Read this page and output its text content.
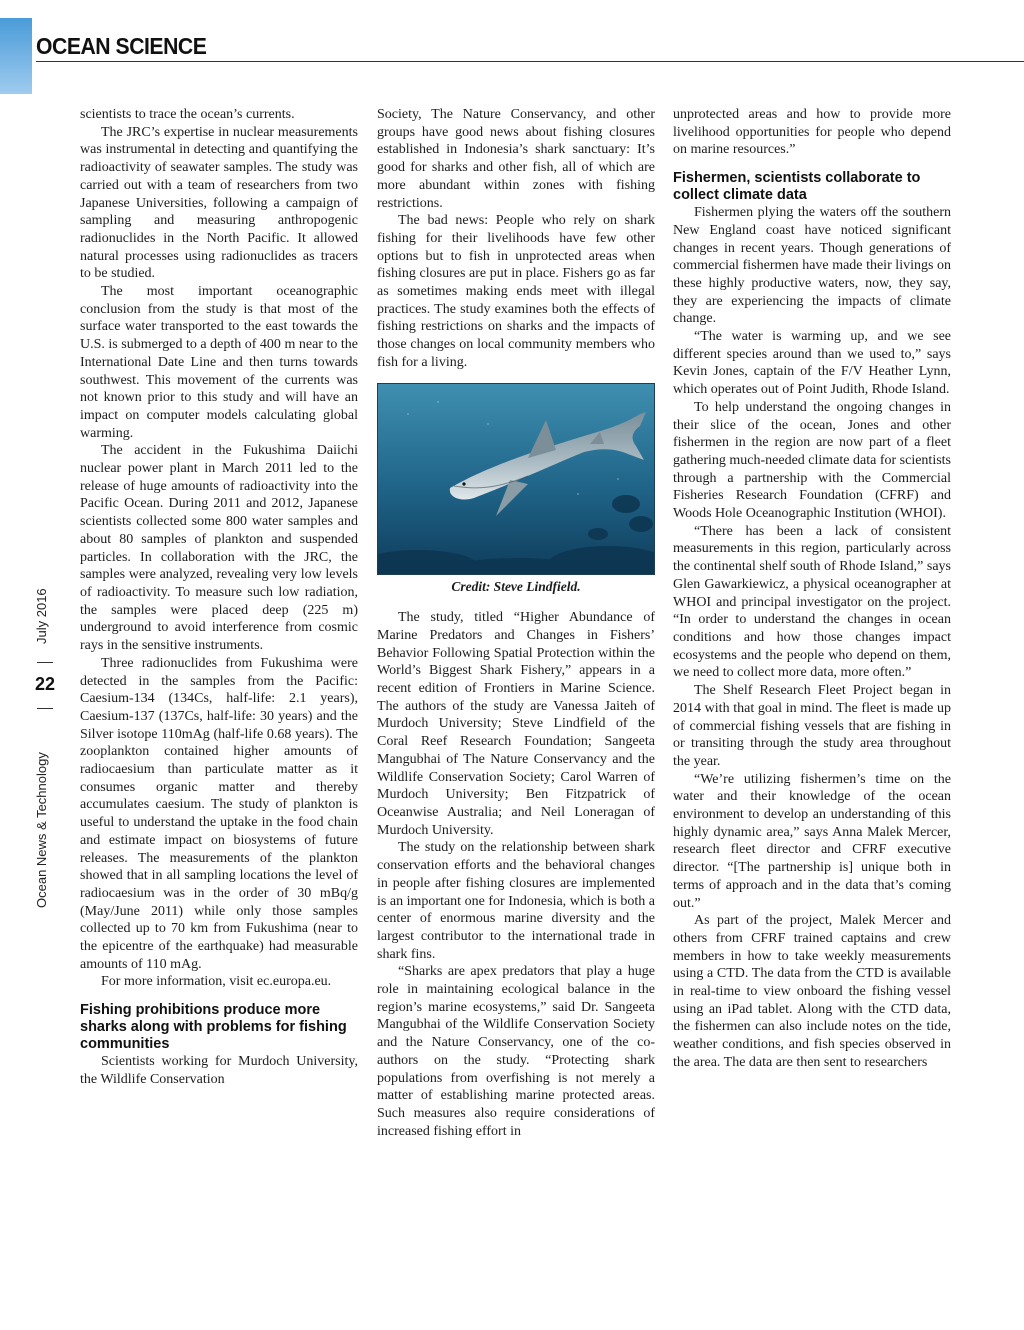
OCEAN SCIENCE
July 2016
22
Ocean News & Technology

scientists to trace the ocean’s currents.

The JRC’s expertise in nuclear measurements was instrumental in detecting and quantifying the radioactivity of seawater samples. The study was carried out with a team of researchers from two Japanese Universities, following a campaign of sampling and measuring anthropogenic radionuclides in the North Pacific. It allowed natural processes using radionuclides as tracers to be studied.

The most important oceanographic conclusion from the study is that most of the surface water transported to the east towards the U.S. is submerged to a depth of 400 m near to the International Date Line and then turns towards southwest. This movement of the currents was not known prior to this study and will have an impact on computer models calculating global warming.

The accident in the Fukushima Daiichi nuclear power plant in March 2011 led to the release of huge amounts of radioactivity into the Pacific Ocean. During 2011 and 2012, Japanese scientists collected some 800 water samples and about 80 samples of plankton and suspended particles. In collaboration with the JRC, the samples were analyzed, revealing very low levels of radioactivity. To measure such low radiation, the samples were placed deep (225 m) underground to avoid interference from cosmic rays in the sensitive instruments.

Three radionuclides from Fukushima were detected in the samples from the Pacific: Caesium-134 (134Cs, half-life: 2.1 years), Caesium-137 (137Cs, half-life: 30 years) and the Silver isotope 110mAg (half-life 0.68 years). The zooplankton contained higher amounts of radiocaesium than particulate matter as it consumes organic matter and thereby accumulates caesium. The study of plankton is useful to understand the uptake in the food chain and estimate impact on biosystems of future releases. The measurements of the plankton showed that in all sampling locations the level of radiocaesium was in the order of 30 mBq/g (May/June 2011) while only those samples collected up to 70 km from Fukushima (near to the epicentre of the earthquake) had measurable amounts of 110 mAg.

For more information, visit ec.europa.eu.

Fishing prohibitions produce more sharks along with problems for fishing communities

Scientists working for Murdoch University, the Wildlife Conservation

Society, The Nature Conservancy, and other groups have good news about fishing closures established in Indonesia’s shark sanctuary: It’s good for sharks and other fish, all of which are more abundant within zones with fishing restrictions.

The bad news: People who rely on shark fishing for their livelihoods have few other options but to fish in unprotected areas when fishing closures are put in place. Fishers go as far as sometimes making ends meet with illegal practices. The study examines both the effects of fishing restrictions on sharks and the impacts of those changes on local community members who fish for a living.

Credit: Steve Lindfield.

The study, titled “Higher Abundance of Marine Predators and Changes in Fishers’ Behavior Following Spatial Protection within the World’s Biggest Shark Fishery,” appears in a recent edition of Frontiers in Marine Science. The authors of the study are Vanessa Jaiteh of Murdoch University; Steve Lindfield of the Coral Reef Research Foundation; Sangeeta Mangubhai of The Nature Conservancy and the Wildlife Conservation Society; Carol Warren of Murdoch University; Ben Fitzpatrick of Oceanwise Australia; and Neil Loneragan of Murdoch University.

The study on the relationship between shark conservation efforts and the behavioral changes in people after fishing closures are implemented is an important one for Indonesia, which is both a center of enormous marine diversity and the largest contributor to the international trade in shark fins.

“Sharks are apex predators that play a huge role in maintaining ecological balance in the region’s marine ecosystems,” said Dr. Sangeeta Mangubhai of the Wildlife Conservation Society and the Nature Conservancy, one of the co-authors on the study. “Protecting shark populations from overfishing is not merely a matter of establishing marine protected areas. Such measures also require considerations of increased fishing effort in

unprotected areas and how to provide more livelihood opportunities for people who depend on marine resources.”

Fishermen, scientists collaborate to collect climate data

Fishermen plying the waters off the southern New England coast have noticed significant changes in recent years. Though generations of commercial fishermen have made their livings on these highly productive waters, now, they say, they are experiencing the impacts of climate change.

“The water is warming up, and we see different species around than we used to,” says Kevin Jones, captain of the F/V Heather Lynn, which operates out of Point Judith, Rhode Island.

To help understand the ongoing changes in their slice of the ocean, Jones and other fishermen in the region are now part of a fleet gathering much-needed climate data for scientists through a partnership with the Commercial Fisheries Research Foundation (CFRF) and Woods Hole Oceanographic Institution (WHOI).

“There has been a lack of consistent measurements in this region, particularly across the continental shelf south of Rhode Island,” says Glen Gawarkiewicz, a physical oceanographer at WHOI and principal investigator on the project. “In order to understand the changes in ocean conditions and how those changes impact ecosystems and the people who depend on them, we need to collect more data, more often.”

The Shelf Research Fleet Project began in 2014 with that goal in mind. The fleet is made up of commercial fishing vessels that are fishing in or transiting through the study area throughout the year.

“We’re utilizing fishermen’s time on the water and their knowledge of the ocean environment to develop an understanding of this highly dynamic area,” says Anna Malek Mercer, research fleet director and CFRF executive director. “[The partnership is] unique both in terms of approach and in the data that’s coming out.”

As part of the project, Malek Mercer and others from CFRF trained captains and crew members in how to take weekly measurements using a CTD. The data from the CTD is available in real-time to view onboard the fishing vessel using an iPad tablet. Along with the CTD data, the fishermen can also include notes on the tide, weather conditions, and fish species observed in the area. The data are then sent to researchers
